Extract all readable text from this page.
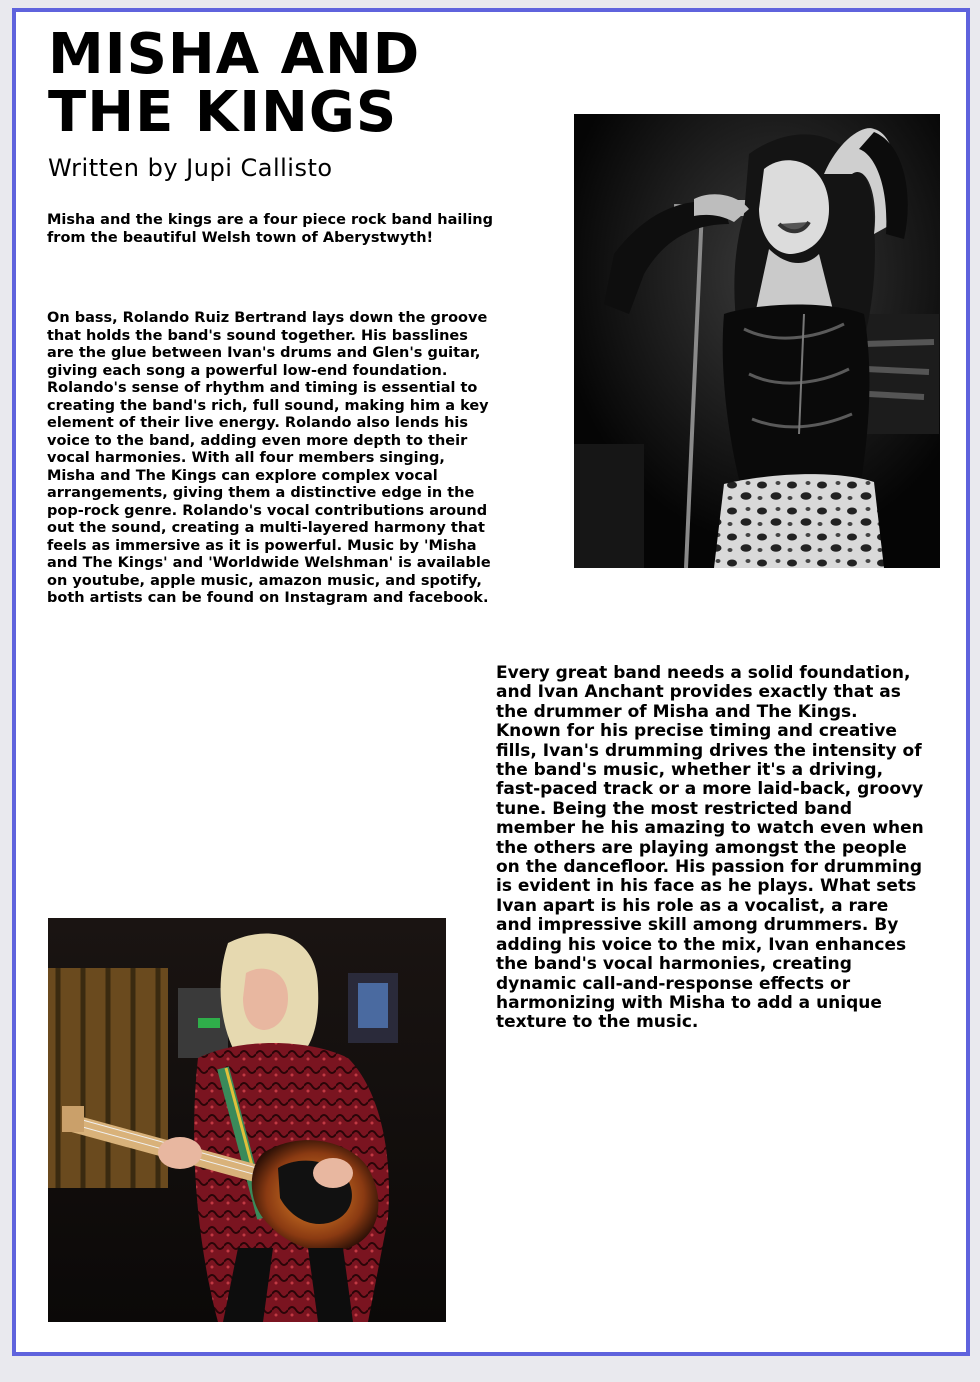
MISHA AND
THE KINGS
Written by Jupi Callisto

Misha and the kings are a four piece rock band hailing from the beautiful Welsh town of Aberystwyth!

On bass, Rolando Ruiz Bertrand lays down the groove that holds the band's sound together. His basslines are the glue between Ivan's drums and Glen's guitar, giving each song a powerful low-end foundation. Rolando's sense of rhythm and timing is essential to creating the band's rich, full sound, making him a key element of their live energy. Rolando also lends his voice to the band, adding even more depth to their vocal harmonies. With all four members singing, Misha and The Kings can explore complex vocal arrangements, giving them a distinctive edge in the pop-rock genre. Rolando's vocal contributions around out the sound, creating a multi-layered harmony that feels as immersive as it is powerful. Music by 'Misha and The Kings' and 'Worldwide Welshman' is available on youtube, apple music, amazon music, and spotify, both artists can be found on Instagram and facebook.

Every great band needs a solid foundation, and Ivan Anchant provides exactly that as the drummer of Misha and The Kings. Known for his precise timing and creative fills, Ivan's drumming drives the intensity of the band's music, whether it's a driving, fast-paced track or a more laid-back, groovy tune. Being the most restricted band member he his amazing to watch even when the others are playing amongst the people on the dancefloor. His passion for drumming is evident in his face as he plays. What sets Ivan apart is his role as a vocalist, a rare and impressive skill among drummers. By adding his voice to the mix, Ivan enhances the band's vocal harmonies, creating dynamic call-and-response effects or harmonizing with Misha to add a unique texture to the music.
